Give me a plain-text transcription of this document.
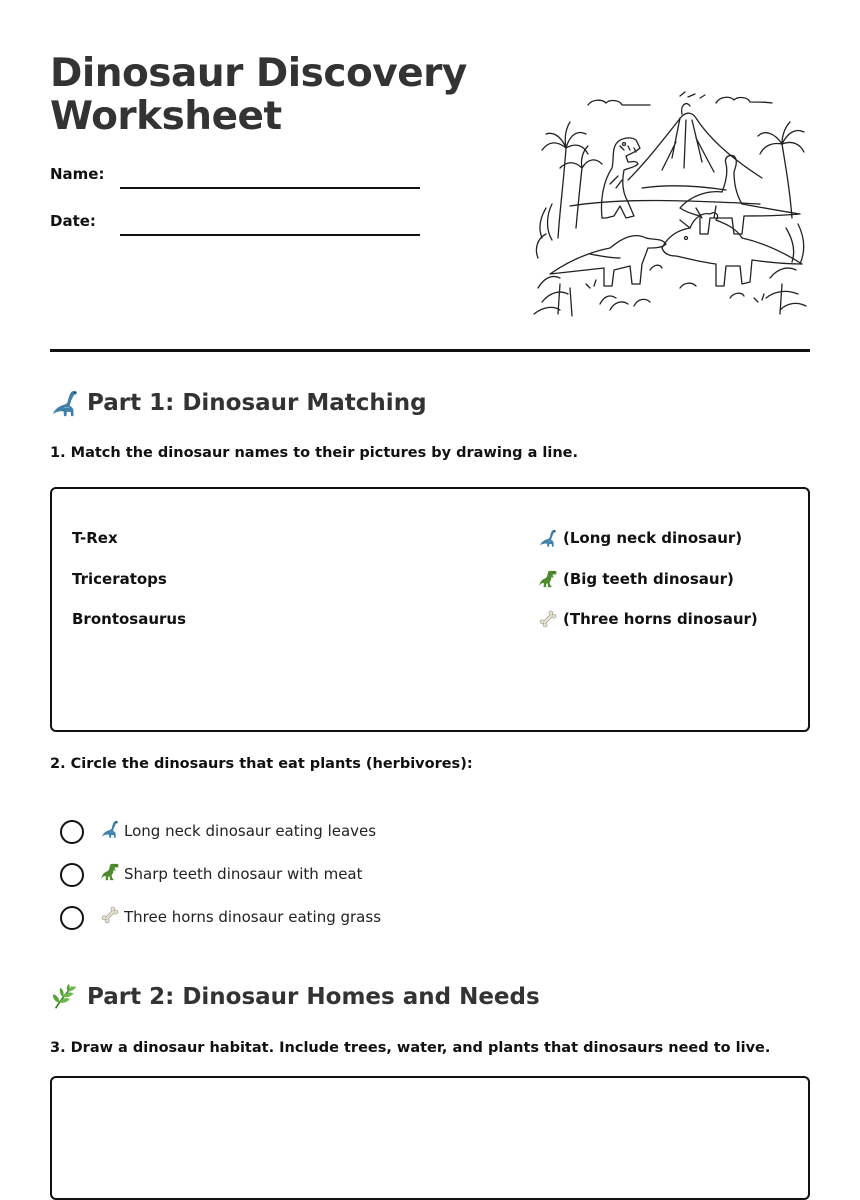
Dinosaur Discovery Worksheet
Name:
Date:
Part 1: Dinosaur Matching

1. Match the dinosaur names to their pictures by drawing a line.

T-Rex
Triceratops
Brontosaurus
(Long neck dinosaur)
(Big teeth dinosaur)
(Three horns dinosaur)

2. Circle the dinosaurs that eat plants (herbivores):

Long neck dinosaur eating leaves
Sharp teeth dinosaur with meat
Three horns dinosaur eating grass
Part 2: Dinosaur Homes and Needs

3. Draw a dinosaur habitat. Include trees, water, and plants that dinosaurs need to live.
